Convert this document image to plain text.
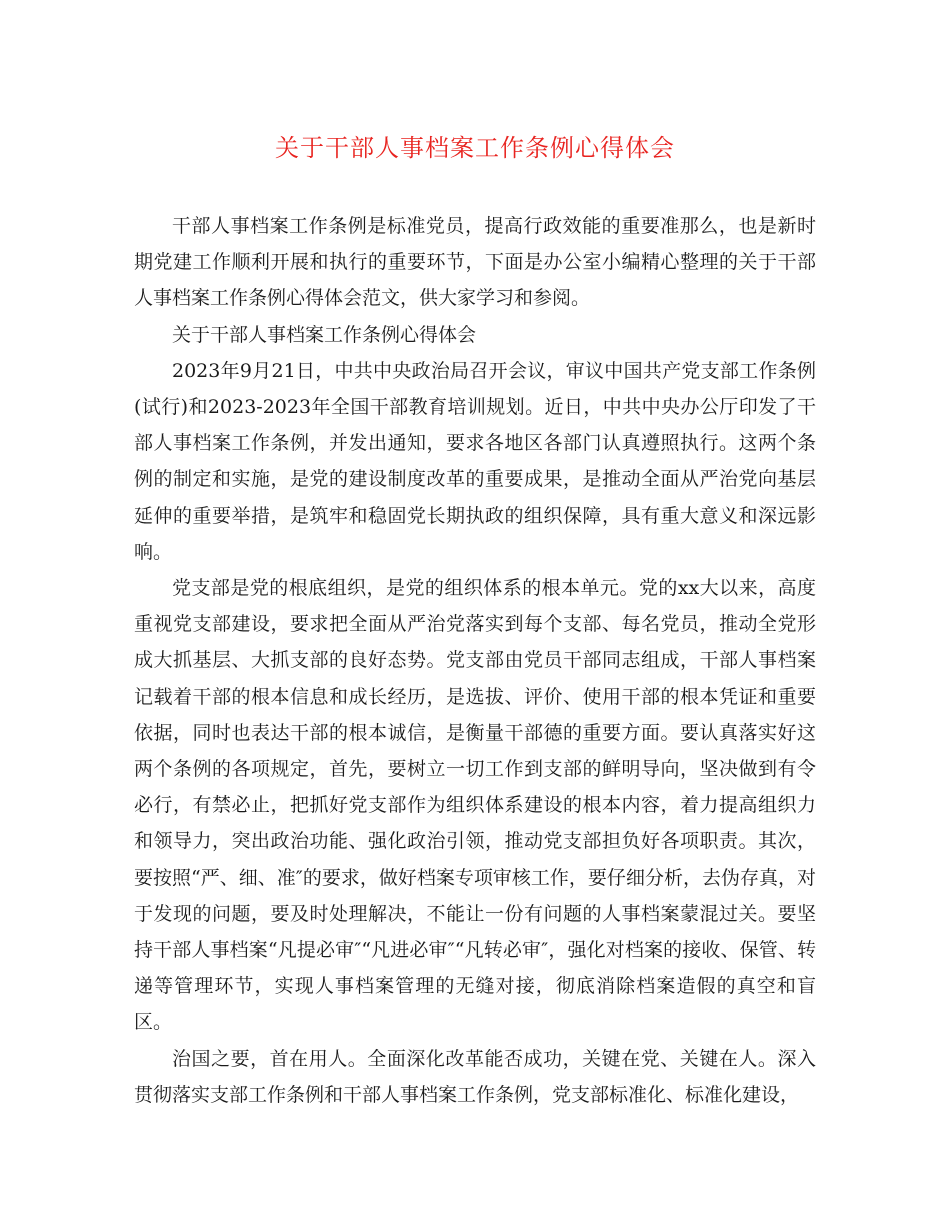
关于干部人事档案工作条例心得体会

干部人事档案工作条例是标准党员，提高行政效能的重要准那么，也是新时期党建工作顺利开展和执行的重要环节，下面是办公室小编精心整理的关于干部人事档案工作条例心得体会范文，供大家学习和参阅。

关于干部人事档案工作条例心得体会

2023年9月21日，中共中央政治局召开会议，审议中国共产党支部工作条例(试行)和2023-2023年全国干部教育培训规划。近日，中共中央办公厅印发了干部人事档案工作条例，并发出通知，要求各地区各部门认真遵照执行。这两个条例的制定和实施，是党的建设制度改革的重要成果，是推动全面从严治党向基层延伸的重要举措，是筑牢和稳固党长期执政的组织保障，具有重大意义和深远影响。

党支部是党的根底组织，是党的组织体系的根本单元。党的xx大以来，高度重视党支部建设，要求把全面从严治党落实到每个支部、每名党员，推动全党形成大抓基层、大抓支部的良好态势。党支部由党员干部同志组成，干部人事档案记载着干部的根本信息和成长经历，是选拔、评价、使用干部的根本凭证和重要依据，同时也表达干部的根本诚信，是衡量干部德的重要方面。要认真落实好这两个条例的各项规定，首先，要树立一切工作到支部的鲜明导向，坚决做到有令必行，有禁必止，把抓好党支部作为组织体系建设的根本内容，着力提高组织力和领导力，突出政治功能、强化政治引领，推动党支部担负好各项职责。其次，要按照“严、细、准″的要求，做好档案专项审核工作，要仔细分析，去伪存真，对于发现的问题，要及时处理解决，不能让一份有问题的人事档案蒙混过关。要坚持干部人事档案“凡提必审″“凡进必审″“凡转必审″，强化对档案的接收、保管、转递等管理环节，实现人事档案管理的无缝对接，彻底消除档案造假的真空和盲区。

治国之要，首在用人。全面深化改革能否成功，关键在党、关键在人。深入贯彻落实支部工作条例和干部人事档案工作条例，党支部标准化、标准化建设，
